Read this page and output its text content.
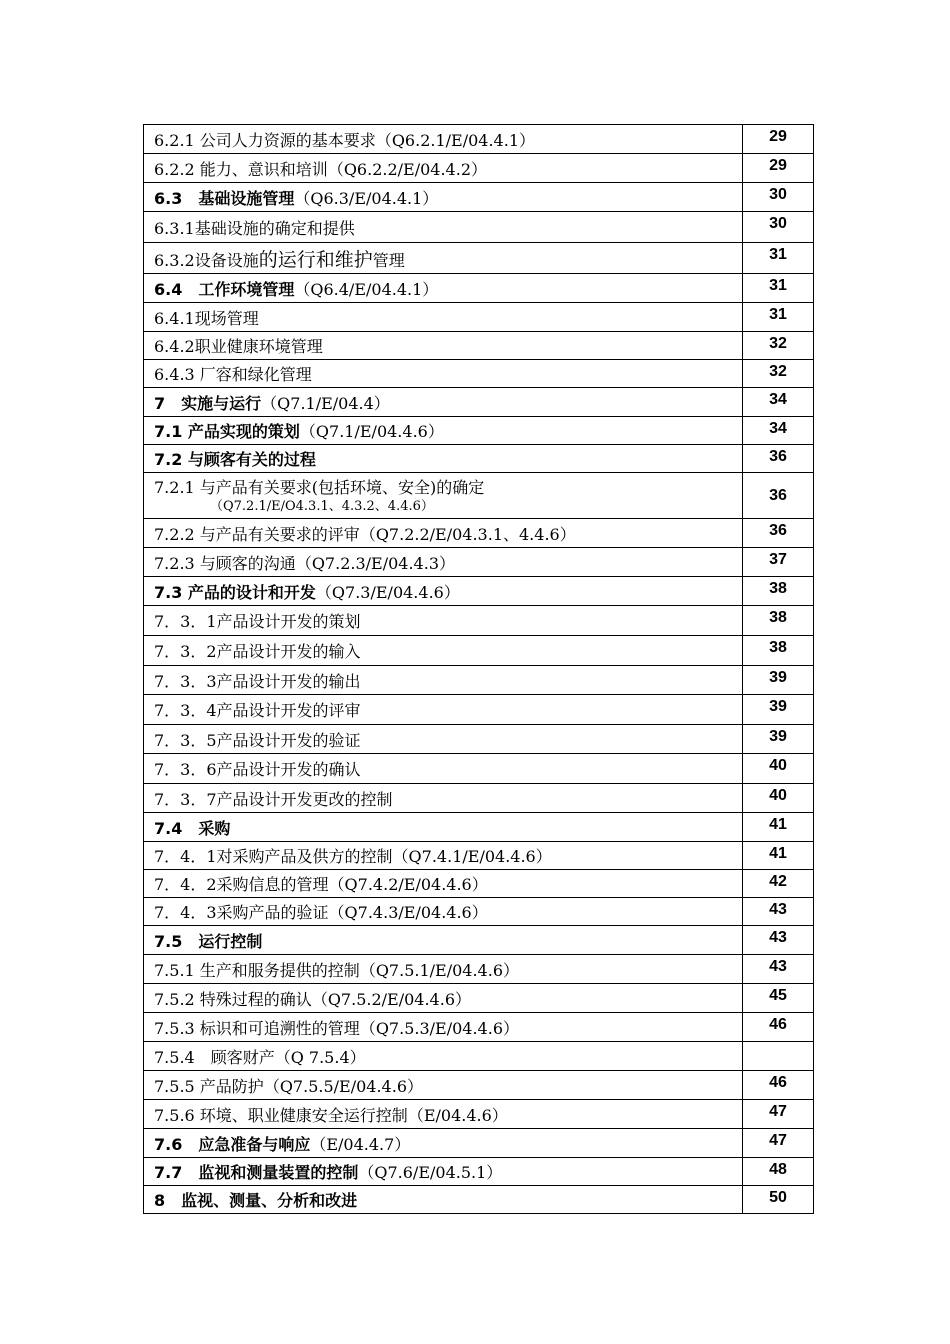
6.2.1 公司人力资源的基本要求（Q6.2.1/E/04.4.1）	29
6.2.2 能力、意识和培训（Q6.2.2/E/04.4.2）	29
6.3　基础设施管理（Q6.3/E/04.4.1）	30
6.3.1基础设施的确定和提供	30
6.3.2设备设施的运行和维护管理	31
6.4　工作环境管理（Q6.4/E/04.4.1）	31
6.4.1现场管理	31
6.4.2职业健康环境管理	32
6.4.3 厂容和绿化管理	32
7　实施与运行（Q7.1/E/04.4）	34
7.1 产品实现的策划（Q7.1/E/04.4.6）	34
7.2 与顾客有关的过程	36

7.2.1 与产品有关要求(包括环境、安全)的确定
（Q7.2.1/E/O4.3.1、4.3.2、4.4.6）	36
7.2.2 与产品有关要求的评审（Q7.2.2/E/04.3.1、4.4.6）	36
7.2.3 与顾客的沟通（Q7.2.3/E/04.4.3）	37
7.3 产品的设计和开发（Q7.3/E/04.4.6）	38
7．3．1产品设计开发的策划	38
7．3．2产品设计开发的输入	38
7．3．3产品设计开发的输出	39
7．3．4产品设计开发的评审	39
7．3．5产品设计开发的验证	39
7．3．6产品设计开发的确认	40
7．3．7产品设计开发更改的控制	40
7.4　采购	41
7．4．1对采购产品及供方的控制（Q7.4.1/E/04.4.6）	41
7．4．2采购信息的管理（Q7.4.2/E/04.4.6）	42
7．4．3采购产品的验证（Q7.4.3/E/04.4.6）	43
7.5　运行控制	43
7.5.1 生产和服务提供的控制（Q7.5.1/E/04.4.6）	43
7.5.2 特殊过程的确认（Q7.5.2/E/04.4.6）	45
7.5.3 标识和可追溯性的管理（Q7.5.3/E/04.4.6）	46
7.5.4　顾客财产（Q 7.5.4）	
7.5.5 产品防护（Q7.5.5/E/04.4.6）	46
7.5.6 环境、职业健康安全运行控制（E/04.4.6）	47
7.6　应急准备与响应（E/04.4.7）	47
7.7　监视和测量装置的控制（Q7.6/E/04.5.1）	48
8　监视、测量、分析和改进	50
